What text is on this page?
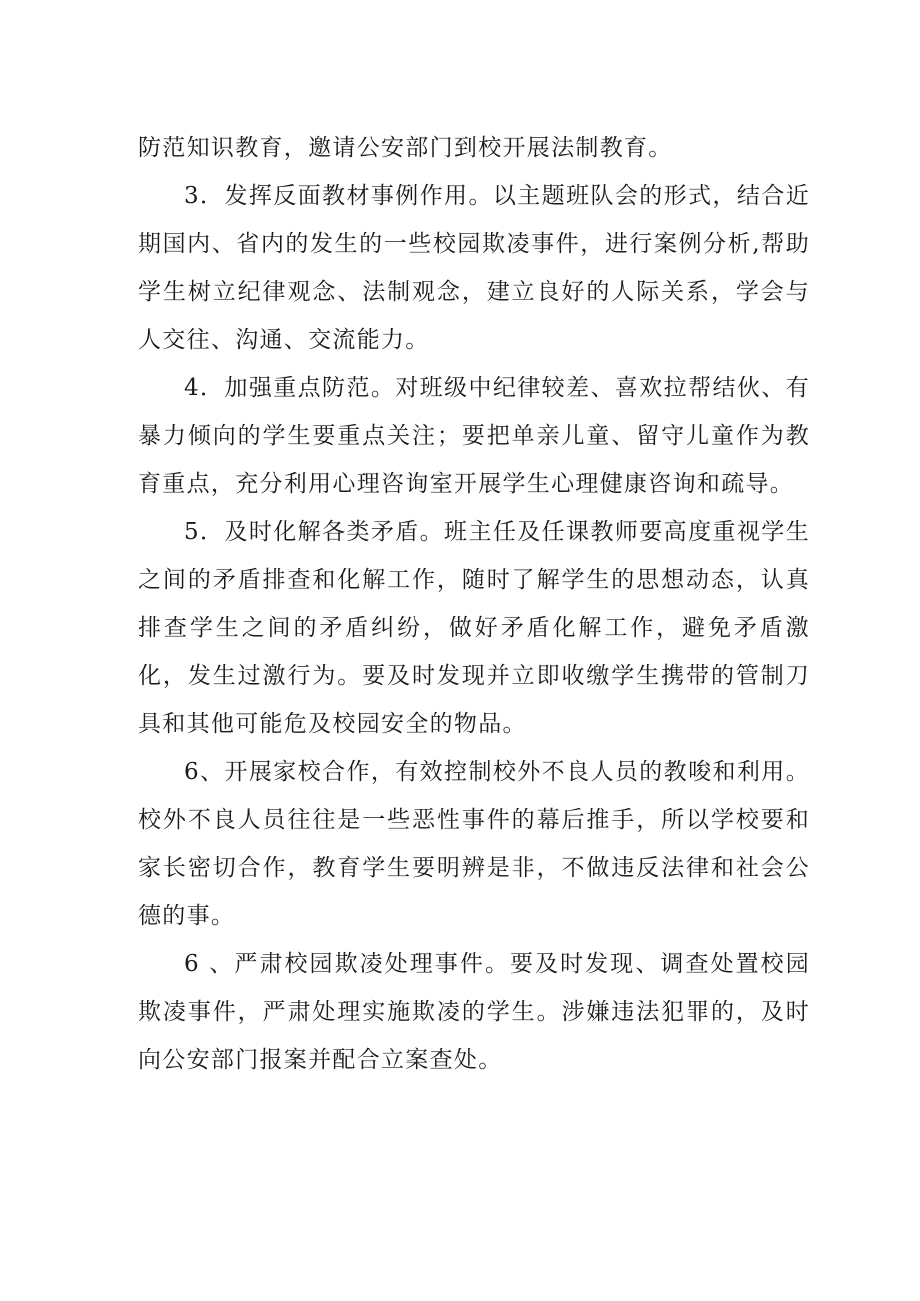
防范知识教育，邀请公安部门到校开展法制教育。

3．发挥反面教材事例作用。以主题班队会的形式，结合近期国内、省内的发生的一些校园欺凌事件，进行案例分析,帮助学生树立纪律观念、法制观念，建立良好的人际关系，学会与人交往、沟通、交流能力。

4．加强重点防范。对班级中纪律较差、喜欢拉帮结伙、有暴力倾向的学生要重点关注；要把单亲儿童、留守儿童作为教育重点，充分利用心理咨询室开展学生心理健康咨询和疏导。

5．及时化解各类矛盾。班主任及任课教师要高度重视学生之间的矛盾排查和化解工作，随时了解学生的思想动态，认真排查学生之间的矛盾纠纷，做好矛盾化解工作，避免矛盾激化，发生过激行为。要及时发现并立即收缴学生携带的管制刀具和其他可能危及校园安全的物品。

6、开展家校合作，有效控制校外不良人员的教唆和利用。校外不良人员往往是一些恶性事件的幕后推手，所以学校要和家长密切合作，教育学生要明辨是非，不做违反法律和社会公德的事。

6 、严肃校园欺凌处理事件。要及时发现、调查处置校园欺凌事件，严肃处理实施欺凌的学生。涉嫌违法犯罪的，及时向公安部门报案并配合立案查处。
